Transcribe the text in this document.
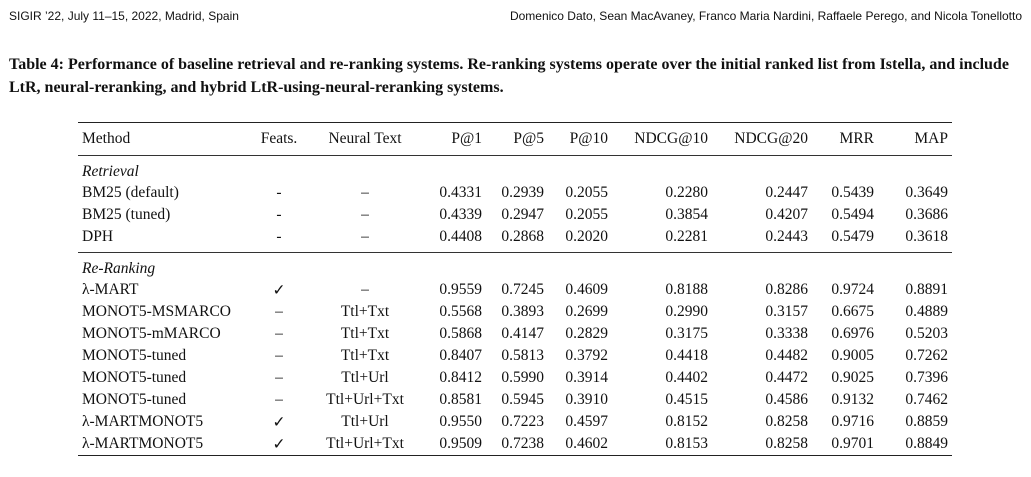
SIGIR ’22, July 11–15, 2022, Madrid, Spain	Domenico Dato, Sean MacAvaney, Franco Maria Nardini, Raffaele Perego, and Nicola Tonellotto
Table 4: Performance of baseline retrieval and re-ranking systems. Re-ranking systems operate over the initial ranked list from Istella, and include LtR, neural-reranking, and hybrid LtR-using-neural-reranking systems.
Method	Feats.	Neural Text	P@1	P@5	P@10	NDCG@10	NDCG@20	MRR	MAP
Retrieval									
BM25 (default)	-	–	0.4331	0.2939	0.2055	0.2280	0.2447	0.5439	0.3649
BM25 (tuned)	-	–	0.4339	0.2947	0.2055	0.3854	0.4207	0.5494	0.3686
DPH	-	–	0.4408	0.2868	0.2020	0.2281	0.2443	0.5479	0.3618
Re-Ranking									
λ-MART	✓	–	0.9559	0.7245	0.4609	0.8188	0.8286	0.9724	0.8891
MONOT5-MSMARCO	–	Ttl+Txt	0.5568	0.3893	0.2699	0.2990	0.3157	0.6675	0.4889
MONOT5-mMARCO	–	Ttl+Txt	0.5868	0.4147	0.2829	0.3175	0.3338	0.6976	0.5203
MONOT5-tuned	–	Ttl+Txt	0.8407	0.5813	0.3792	0.4418	0.4482	0.9005	0.7262
MONOT5-tuned	–	Ttl+Url	0.8412	0.5990	0.3914	0.4402	0.4472	0.9025	0.7396
MONOT5-tuned	–	Ttl+Url+Txt	0.8581	0.5945	0.3910	0.4515	0.4586	0.9132	0.7462
λ-MARTMONOT5	✓	Ttl+Url	0.9550	0.7223	0.4597	0.8152	0.8258	0.9716	0.8859
λ-MARTMONOT5	✓	Ttl+Url+Txt	0.9509	0.7238	0.4602	0.8153	0.8258	0.9701	0.8849
